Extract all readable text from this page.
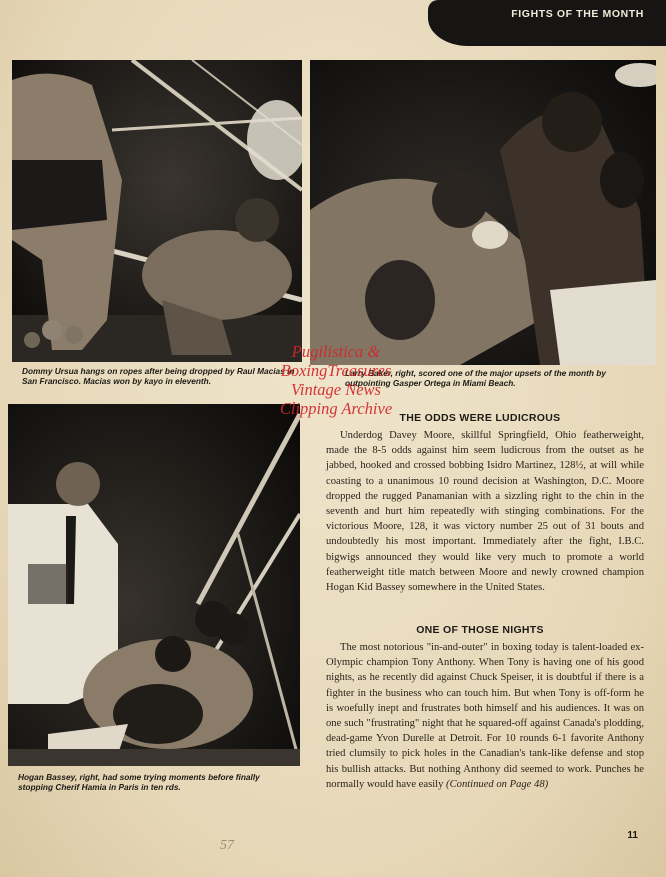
FIGHTS OF THE MONTH
Dommy Ursua hangs on ropes after being dropped by Raul Macias in San Francisco. Macias won by kayo in eleventh.
Larry Baker, right, scored one of the major upsets of the month by outpointing Gasper Ortega in Miami Beach.
Hogan Bassey, right, had some trying moments before finally stopping Cherif Hamia in Paris in ten rds.
THE ODDS WERE LUDICROUS
Underdog Davey Moore, skillful Springfield, Ohio featherweight, made the 8-5 odds against him seem ludicrous from the outset as he jabbed, hooked and crossed bobbing Isidro Martinez, 128½, at will while coasting to a unanimous 10 round decision at Washington, D.C. Moore dropped the rugged Panamanian with a sizzling right to the chin in the seventh and hurt him repeatedly with stinging combinations. For the victorious Moore, 128, it was victory number 25 out of 31 bouts and undoubtedly his most important. Immediately after the fight, I.B.C. bigwigs announced they would like very much to promote a world featherweight title match between Moore and newly crowned champion Hogan Kid Bassey somewhere in the United States.
ONE OF THOSE NIGHTS
The most notorious "in-and-outer" in boxing today is talent-loaded ex-Olympic champion Tony Anthony. When Tony is having one of his good nights, as he recently did against Chuck Speiser, it is doubtful if there is a fighter in the business who can touch him. But when Tony is off-form he is woefully inept and frustrates both himself and his audiences. It was on one such "frustrating" night that he squared-off against Canada's plodding, dead-game Yvon Durelle at Detroit. For 10 rounds 6-1 favorite Anthony tried clumsily to pick holes in the Canadian's tank-like defense and stop his bullish attacks. But nothing Anthony did seemed to work. Punches he normally would have easily (Continued on Page 48)
Pugilistica & BoxingTreasures Vintage News Clipping Archive
57
11
